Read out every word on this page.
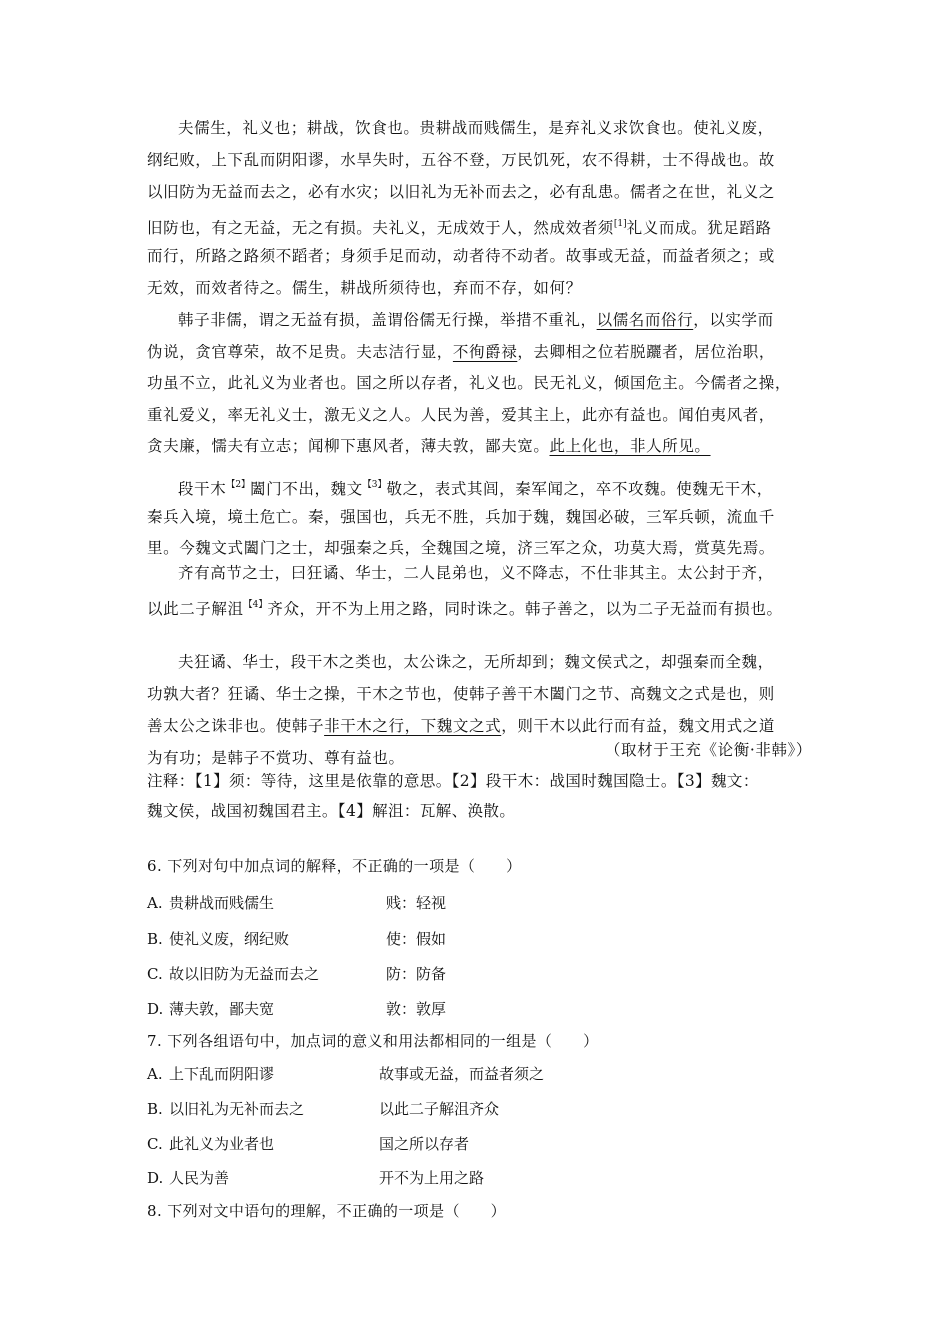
夫儒生，礼义也；耕战，饮食也。贵耕战而贱儒生，是弃礼义求饮食也。使礼义废，
纲纪败，上下乱而阴阳谬，水旱失时，五谷不登，万民饥死，农不得耕，士不得战也。故
以旧防为无益而去之，必有水灾；以旧礼为无补而去之，必有乱患。儒者之在世，礼义之
旧防也，有之无益，无之有损。夫礼义，无成效于人，然成效者须[1]礼义而成。犹足蹈路
而行，所路之路须不蹈者；身须手足而动，动者待不动者。故事或无益，而益者须之；或
无效，而效者待之。儒生，耕战所须待也，弃而不存，如何？
韩子非儒，谓之无益有损，盖谓俗儒无行操，举措不重礼，以儒名而俗行，以实学而
伪说，贪官尊荣，故不足贵。夫志洁行显，不徇爵禄，去卿相之位若脱躧者，居位治职，
功虽不立，此礼义为业者也。国之所以存者，礼义也。民无礼义，倾国危主。今儒者之操，
重礼爱义，率无礼义士，激无义之人。人民为善，爱其主上，此亦有益也。闻伯夷风者，
贪夫廉，懦夫有立志；闻柳下惠风者，薄夫敦，鄙夫宽。此上化也，非人所见。
段干木$^{【2】}$闔门不出，魏文$^{【3】}$敬之，表式其闾，秦军闻之，卒不攻魏。使魏无干木，
秦兵入境，境土危亡。秦，强国也，兵无不胜，兵加于魏，魏国必破，三军兵顿，流血千
里。今魏文式闔门之士，却强秦之兵，全魏国之境，济三军之众，功莫大焉，赏莫先焉。
齐有高节之士，曰狂谲、华士，二人昆弟也，义不降志，不仕非其主。太公封于齐，
以此二子解沮$^{【4】}$齐众，开不为上用之路，同时诛之。韩子善之，以为二子无益而有损也。
夫狂谲、华士，段干木之类也，太公诛之，无所却到；魏文侯式之，却强秦而全魏，
功孰大者？狂谲、华士之操，干木之节也，使韩子善干木闔门之节、高魏文之式是也，则
善太公之诛非也。使韩子非干木之行，下魏文之式，则干木以此行而有益，魏文用式之道
为有功；是韩子不赏功、尊有益也。	（取材于王充《论衡·非韩》）
注释：【1】须：等待，这里是依靠的意思。【2】段干木：战国时魏国隐士。【3】魏文：
魏文侯，战国初魏国君主。【4】解沮：瓦解、涣散。
6. 下列对句中加点词的解释，不正确的一项是（　　）
A. 贵耕战而贱儒生	贱：轻视
B. 使礼义废，纲纪败	使：假如
C. 故以旧防为无益而去之	防：防备
D. 薄夫敦，鄙夫宽	敦：敦厚
7. 下列各组语句中，加点词的意义和用法都相同的一组是（　　）
A. 上下乱而阴阳谬	故事或无益，而益者须之
B. 以旧礼为无补而去之	以此二子解沮齐众
C. 此礼义为业者也	国之所以存者
D. 人民为善	开不为上用之路
8. 下列对文中语句的理解，不正确的一项是（　　）
